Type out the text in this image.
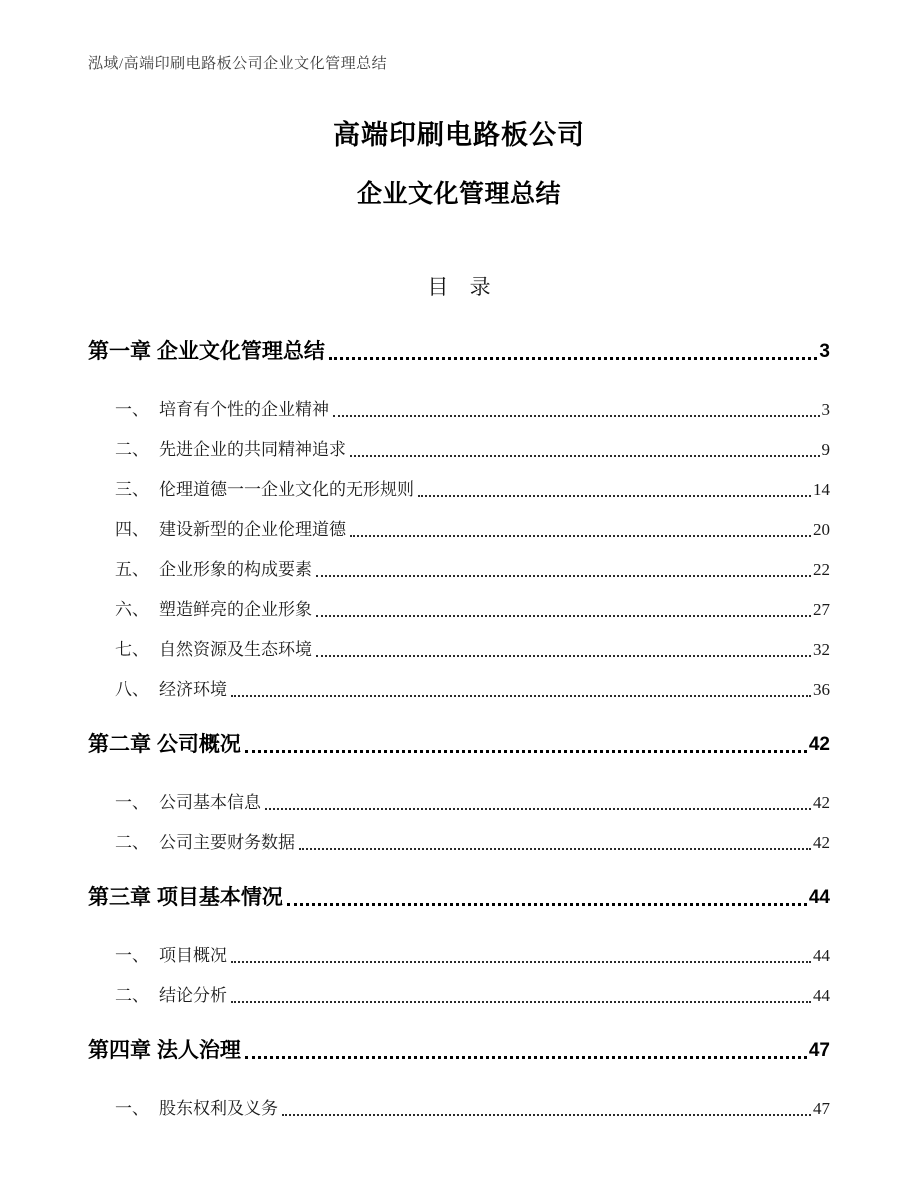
泓域/高端印刷电路板公司企业文化管理总结
高端印刷电路板公司
企业文化管理总结
目 录
第一章 企业文化管理总结	3
一、 培育有个性的企业精神	3
二、 先进企业的共同精神追求	9
三、 伦理道德一一企业文化的无形规则	14
四、 建设新型的企业伦理道德	20
五、 企业形象的构成要素	22
六、 塑造鲜亮的企业形象	27
七、 自然资源及生态环境	32
八、 经济环境	36
第二章 公司概况	42
一、 公司基本信息	42
二、 公司主要财务数据	42
第三章 项目基本情况	44
一、 项目概况	44
二、 结论分析	44
第四章 法人治理	47
一、 股东权利及义务	47
